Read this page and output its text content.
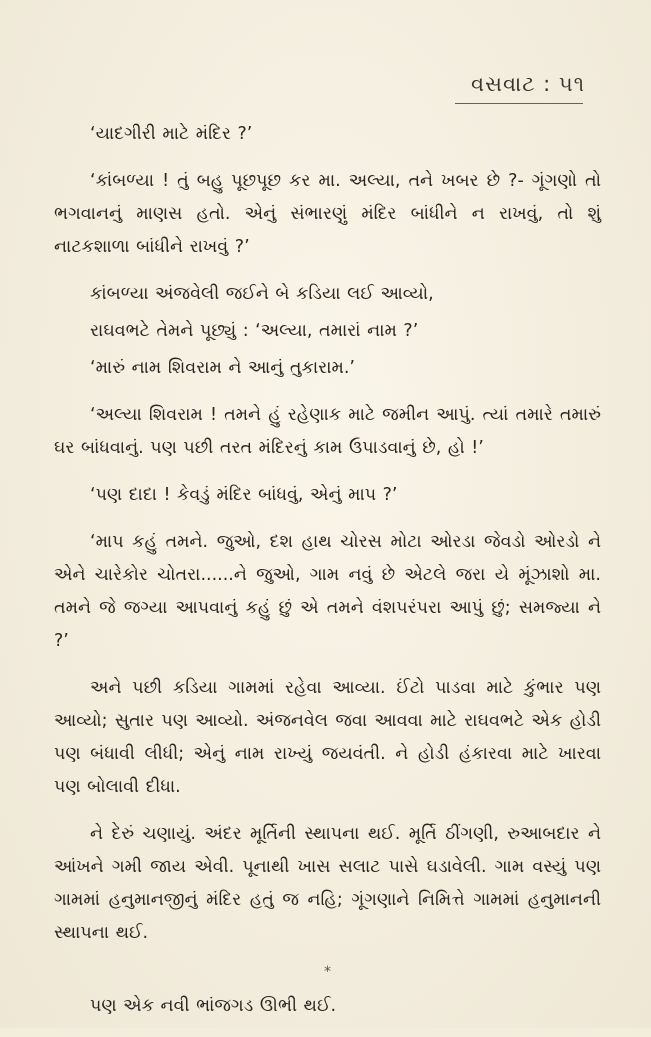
વસવાટ : ૫૧

‘યાદગીરી માટે મંદિર ?’

‘કાંબળ્યા ! તું બહુ પૂછપૂછ કર મા. અલ્યા, તને ખબર છે ?‑ ગૂંગણો તો ભગવાનનું માણસ હતો. એનું સંભારણું મંદિર બાંધીને ન રાખવું, તો શું નાટકશાળા બાંધીને રાખવું ?’

કાંબળ્યા અંજવેલી જઈને બે કડિયા લઈ આવ્યો,

રાઘવભટે તેમને પૂછ્યું : ‘અલ્યા, તમારાં નામ ?’

‘મારું નામ શિવરામ ને આનું તુકારામ.’

‘અલ્યા શિવરામ ! તમને હું રહેણાક માટે જમીન આપું. ત્યાં તમારે તમારું ઘર બાંધવાનું. પણ પછી તરત મંદિરનું કામ ઉપાડવાનું છે, હો !’

‘પણ દાદા ! કેવડું મંદિર બાંધવું, એનું માપ ?’

‘માપ કહું તમને. જુઓ, દશ હાથ ચોરસ મોટા ઓરડા જેવડો ઓરડો ને એને ચારેકોર ચોતરા......ને જુઓ, ગામ નવું છે એટલે જરા યે મૂંઝાશો મા. તમને જે જગ્યા આપવાનું કહું છું એ તમને વંશપરંપરા આપું છું; સમજ્યા ને ?’

અને પછી કડિયા ગામમાં રહેવા આવ્યા. ઈંટો પાડવા માટે કુંભાર પણ આવ્યો; સુતાર પણ આવ્યો. અંજનવેલ જવા આવવા માટે રાઘવભટે એક હોડી પણ બંધાવી લીધી; એનું નામ રાખ્યું જયવંતી. ને હોડી હંકારવા માટે ખારવા પણ બોલાવી દીધા.

ને દેરું ચણાયું. અંદર મૂર્તિની સ્થાપના થઈ. મૂર્તિ ઠીંગણી, રુઆબદાર ને આંખને ગમી જાય એવી. પૂનાથી ખાસ સલાટ પાસે ઘડાવેલી. ગામ વસ્યું પણ ગામમાં હનુમાનજીનું મંદિર હતું જ નહિ; ગૂંગણાને નિમિત્તે ગામમાં હનુમાનની સ્થાપના થઈ.

*

પણ એક નવી ભાંજગડ ઊભી થઈ.
